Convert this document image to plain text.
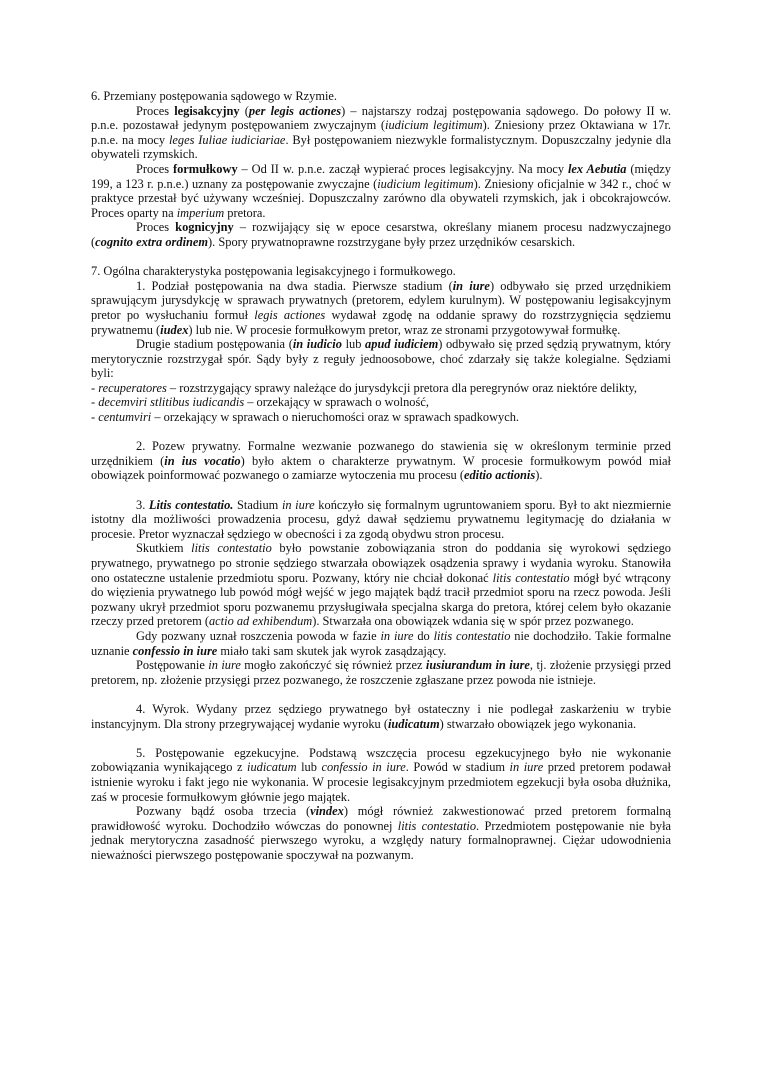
6. Przemiany postępowania sądowego w Rzymie.

Proces legisakcyjny (per legis actiones) – najstarszy rodzaj postępowania sądowego. Do połowy II w. p.n.e. pozostawał jedynym postępowaniem zwyczajnym (iudicium legitimum). Zniesiony przez Oktawiana w 17r. p.n.e. na mocy leges Iuliae iudiciariae. Był postępowaniem niezwykle formalistycznym. Dopuszczalny jedynie dla obywateli rzymskich.

Proces formułkowy – Od II w. p.n.e. zaczął wypierać proces legisakcyjny. Na mocy lex Aebutia (między 199, a 123 r. p.n.e.) uznany za postępowanie zwyczajne (iudicium legitimum). Zniesiony oficjalnie w 342 r., choć w praktyce przestał być używany wcześniej. Dopuszczalny zarówno dla obywateli rzymskich, jak i obcokrajowców. Proces oparty na imperium pretora.

Proces kognicyjny – rozwijający się w epoce cesarstwa, określany mianem procesu nadzwyczajnego (cognito extra ordinem). Spory prywatnoprawne rozstrzygane były przez urzędników cesarskich.

7. Ogólna charakterystyka postępowania legisakcyjnego i formułkowego.

1. Podział postępowania na dwa stadia. Pierwsze stadium (in iure) odbywało się przed urzędnikiem sprawującym jurysdykcję w sprawach prywatnych (pretorem, edylem kurulnym). W postępowaniu legisakcyjnym pretor po wysłuchaniu formuł legis actiones wydawał zgodę na oddanie sprawy do rozstrzygnięcia sędziemu prywatnemu (iudex) lub nie. W procesie formułkowym pretor, wraz ze stronami przygotowywał formułkę.

Drugie stadium postępowania (in iudicio lub apud iudiciem) odbywało się przed sędzią prywatnym, który merytorycznie rozstrzygał spór. Sądy były z reguły jednoosobowe, choć zdarzały się także kolegialne. Sędziami byli:

- recuperatores – rozstrzygający sprawy należące do jurysdykcji pretora dla peregrynów oraz niektóre delikty,

- decemviri stlitibus iudicandis – orzekający w sprawach o wolność,

- centumviri – orzekający w sprawach o nieruchomości oraz w sprawach spadkowych.

2. Pozew prywatny. Formalne wezwanie pozwanego do stawienia się w określonym terminie przed urzędnikiem (in ius vocatio) było aktem o charakterze prywatnym. W procesie formułkowym powód miał obowiązek poinformować pozwanego o zamiarze wytoczenia mu procesu (editio actionis).

3. Litis contestatio. Stadium in iure kończyło się formalnym ugruntowaniem sporu. Był to akt niezmiernie istotny dla możliwości prowadzenia procesu, gdyż dawał sędziemu prywatnemu legitymację do działania w procesie. Pretor wyznaczał sędziego w obecności i za zgodą obydwu stron procesu.

Skutkiem litis contestatio było powstanie zobowiązania stron do poddania się wyrokowi sędziego prywatnego, prywatnego po stronie sędziego stwarzała obowiązek osądzenia sprawy i wydania wyroku. Stanowiła ono ostateczne ustalenie przedmiotu sporu. Pozwany, który nie chciał dokonać litis contestatio mógł być wtrącony do więzienia prywatnego lub powód mógł wejść w jego majątek bądź tracił przedmiot sporu na rzecz powoda. Jeśli pozwany ukrył przedmiot sporu pozwanemu przysługiwała specjalna skarga do pretora, której celem było okazanie rzeczy przed pretorem (actio ad exhibendum). Stwarzała ona obowiązek wdania się w spór przez pozwanego.

Gdy pozwany uznał roszczenia powoda w fazie in iure do litis contestatio nie dochodziło. Takie formalne uznanie confessio in iure miało taki sam skutek jak wyrok zasądzający.

Postępowanie in iure mogło zakończyć się również przez iusiurandum in iure, tj. złożenie przysięgi przed pretorem, np. złożenie przysięgi przez pozwanego, że roszczenie zgłaszane przez powoda nie istnieje.

4. Wyrok. Wydany przez sędziego prywatnego był ostateczny i nie podlegał zaskarżeniu w trybie instancyjnym. Dla strony przegrywającej wydanie wyroku (iudicatum) stwarzało obowiązek jego wykonania.

5. Postępowanie egzekucyjne. Podstawą wszczęcia procesu egzekucyjnego było nie wykonanie zobowiązania wynikającego z iudicatum lub confessio in iure. Powód w stadium in iure przed pretorem podawał istnienie wyroku i fakt jego nie wykonania. W procesie legisakcyjnym przedmiotem egzekucji była osoba dłużnika, zaś w procesie formułkowym głównie jego majątek.

Pozwany bądź osoba trzecia (vindex) mógł również zakwestionować przed pretorem formalną prawidłowość wyroku. Dochodziło wówczas do ponownej litis contestatio. Przedmiotem postępowanie nie była jednak merytoryczna zasadność pierwszego wyroku, a względy natury formalnoprawnej. Ciężar udowodnienia nieważności pierwszego postępowanie spoczywał na pozwanym.
